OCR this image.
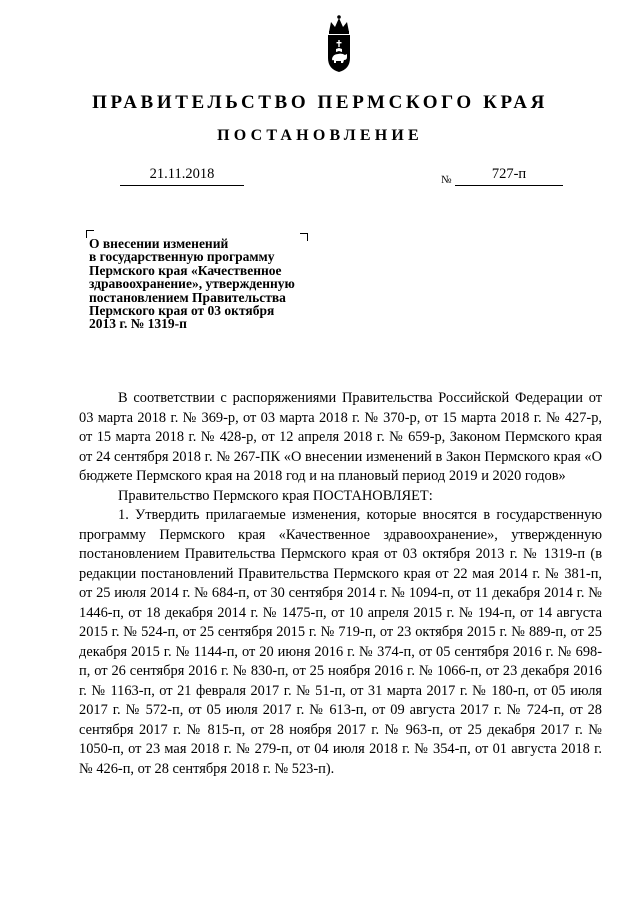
ПРАВИТЕЛЬСТВО ПЕРМСКОГО КРАЯ
ПОСТАНОВЛЕНИЕ
21.11.2018	№	727-п
О внесении изменений
в государственную программу
Пермского края «Качественное
здравоохранение», утвержденную
постановлением Правительства
Пермского края от 03 октября
2013 г. № 1319-п

В соответствии с распоряжениями Правительства Российской Федерации от 03 марта 2018 г. № 369-р, от 03 марта 2018 г. № 370-р, от 15 марта 2018 г. № 427-р, от 15 марта 2018 г. № 428-р, от 12 апреля 2018 г. № 659-р, Законом Пермского края от 24 сентября 2018 г. № 267-ПК «О внесении изменений в Закон Пермского края «О бюджете Пермского края на 2018 год и на плановый период 2019 и 2020 годов»

Правительство Пермского края ПОСТАНОВЛЯЕТ:

1. Утвердить прилагаемые изменения, которые вносятся в государственную программу Пермского края «Качественное здравоохранение», утвержденную постановлением Правительства Пермского края от 03 октября 2013 г. № 1319-п (в редакции постановлений Правительства Пермского края от 22 мая 2014 г. № 381-п, от 25 июля 2014 г. № 684-п, от 30 сентября 2014 г. № 1094-п, от 11 декабря 2014 г. № 1446-п, от 18 декабря 2014 г. № 1475-п, от 10 апреля 2015 г. № 194-п, от 14 августа 2015 г. № 524-п, от 25 сентября 2015 г. № 719-п, от 23 октября 2015 г. № 889-п, от 25 декабря 2015 г. № 1144-п, от 20 июня 2016 г. № 374-п, от 05 сентября 2016 г. № 698-п, от 26 сентября 2016 г. № 830-п, от 25 ноября 2016 г. № 1066-п, от 23 декабря 2016 г. № 1163-п, от 21 февраля 2017 г. № 51-п, от 31 марта 2017 г. № 180-п, от 05 июля 2017 г. № 572-п, от 05 июля 2017 г. № 613-п, от 09 августа 2017 г. № 724-п, от 28 сентября 2017 г. № 815-п, от 28 ноября 2017 г. № 963-п, от 25 декабря 2017 г. № 1050-п, от 23 мая 2018 г. № 279-п, от 04 июля 2018 г. № 354-п, от 01 августа 2018 г. № 426-п, от 28 сентября 2018 г. № 523-п).
